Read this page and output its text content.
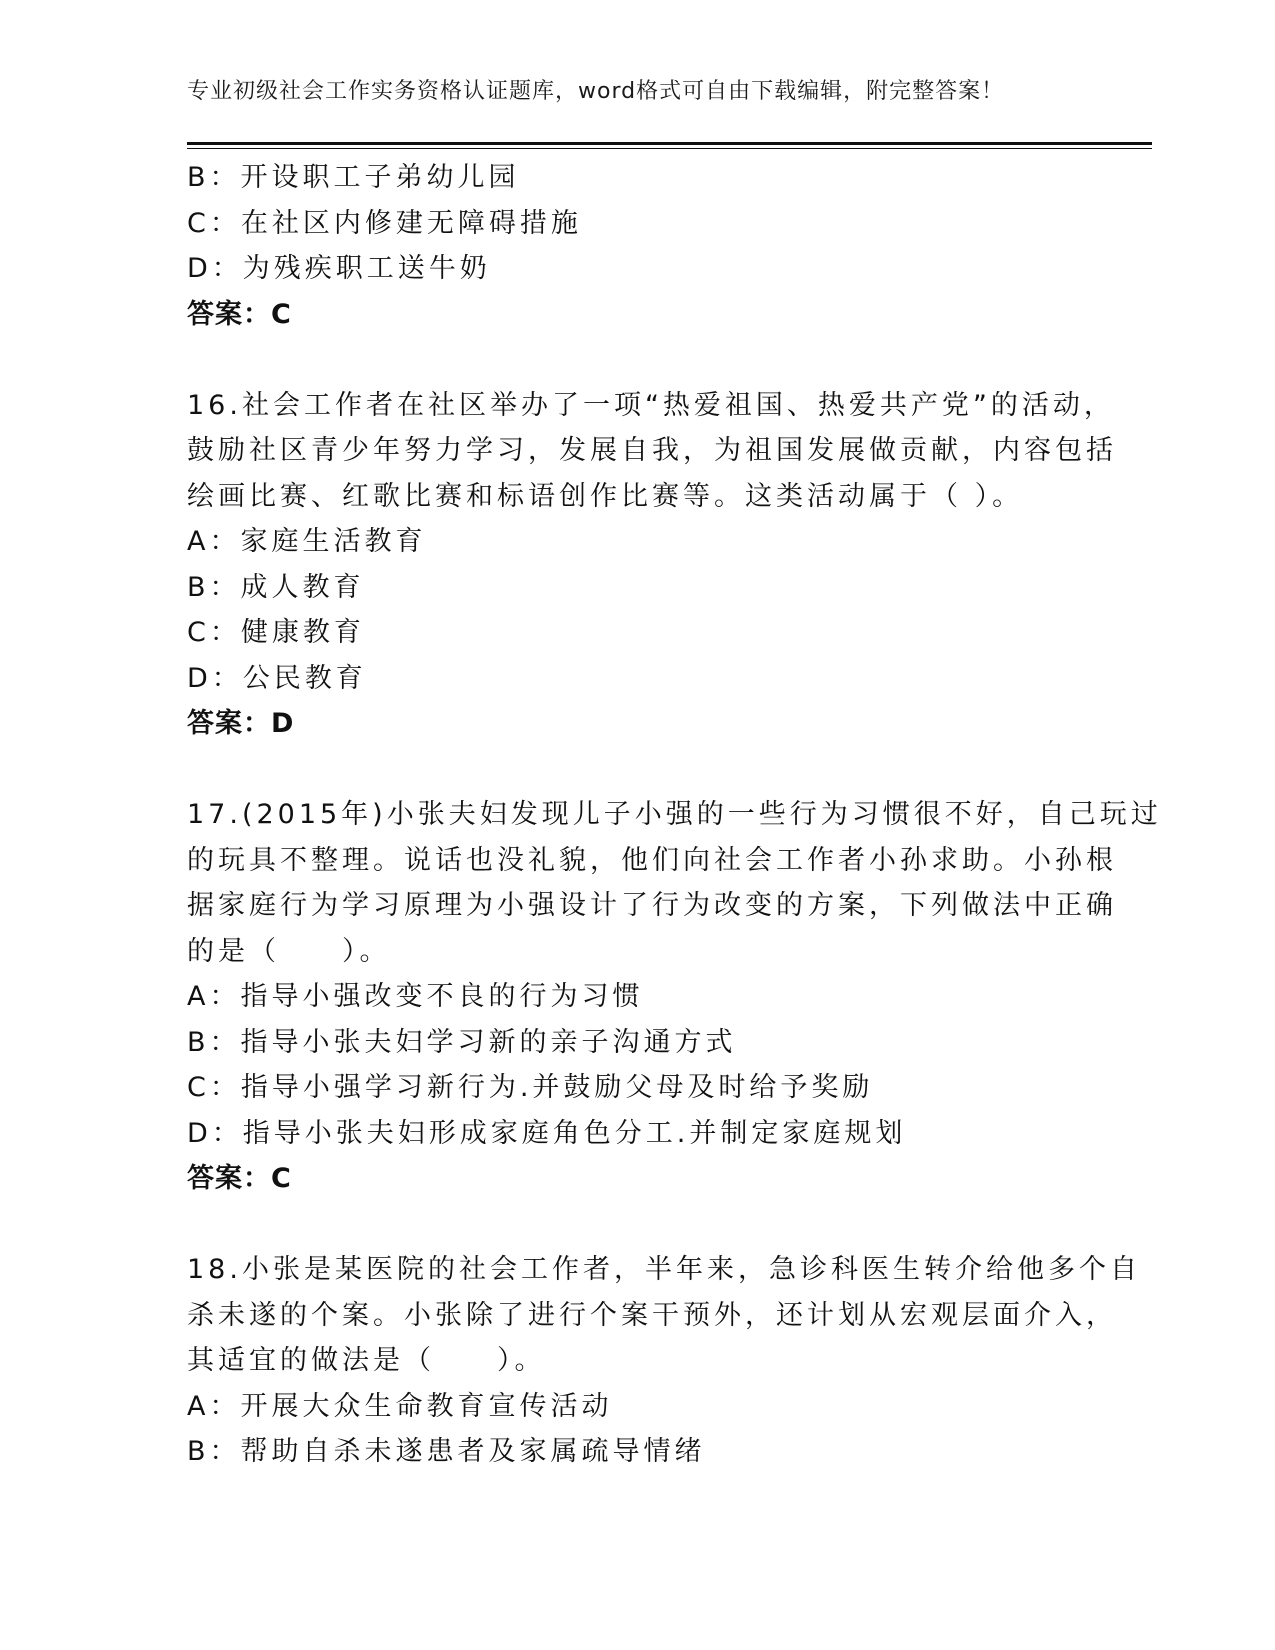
专业初级社会工作实务资格认证题库，word格式可自由下载编辑，附完整答案！
B：开设职工子弟幼儿园
C：在社区内修建无障碍措施
D：为残疾职工送牛奶
答案：C
16.社会工作者在社区举办了一项“热爱祖国、热爱共产党”的活动，
鼓励社区青少年努力学习，发展自我，为祖国发展做贡献，内容包括
绘画比赛、红歌比赛和标语创作比赛等。这类活动属于（ ）。
A：家庭生活教育
B：成人教育
C：健康教育
D：公民教育
答案：D
17.(2015年)小张夫妇发现儿子小强的一些行为习惯很不好，自己玩过
的玩具不整理。说话也没礼貌，他们向社会工作者小孙求助。小孙根
据家庭行为学习原理为小强设计了行为改变的方案，下列做法中正确
的是（　　）。
A：指导小强改变不良的行为习惯
B：指导小张夫妇学习新的亲子沟通方式
C：指导小强学习新行为.并鼓励父母及时给予奖励
D：指导小张夫妇形成家庭角色分工.并制定家庭规划
答案：C
18.小张是某医院的社会工作者，半年来，急诊科医生转介给他多个自
杀未遂的个案。小张除了进行个案干预外，还计划从宏观层面介入，
其适宜的做法是（　　）。
A：开展大众生命教育宣传活动
B：帮助自杀未遂患者及家属疏导情绪
